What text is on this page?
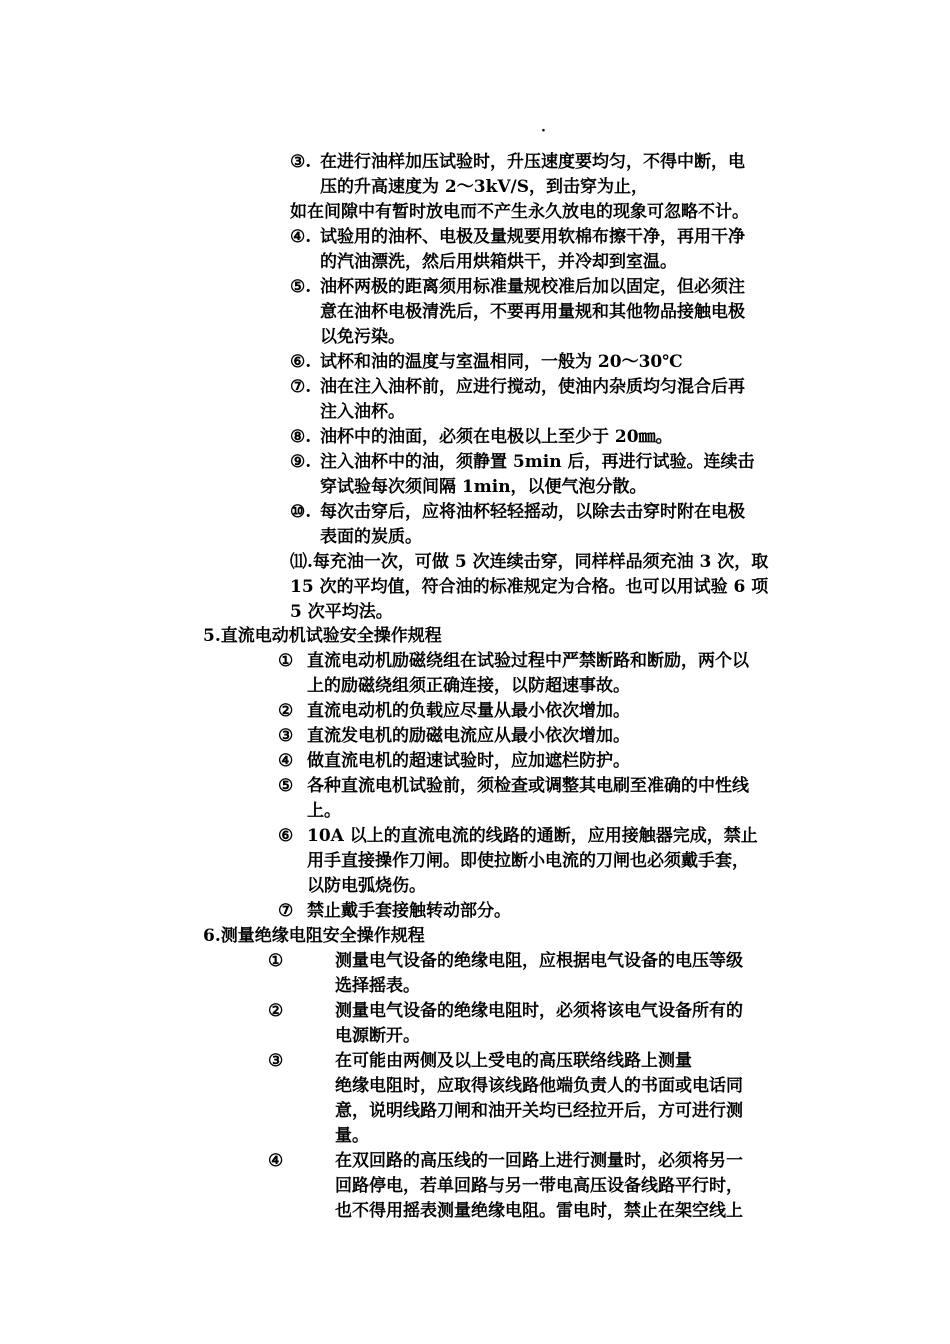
·
③. 在进行油样加压试验时，升压速度要均匀，不得中断，电
压的升高速度为 2～3kV/S，到击穿为止，
如在间隙中有暂时放电而不产生永久放电的现象可忽略不计。
④. 试验用的油杯、电极及量规要用软棉布擦干净，再用干净
的汽油漂洗，然后用烘箱烘干，并冷却到室温。
⑤. 油杯两极的距离须用标准量规校准后加以固定，但必须注
意在油杯电极清洗后，不要再用量规和其他物品接触电极
以免污染。
⑥. 试杯和油的温度与室温相同，一般为 20～30℃
⑦. 油在注入油杯前，应进行搅动，使油内杂质均匀混合后再
注入油杯。
⑧. 油杯中的油面，必须在电极以上至少于 20㎜。
⑨. 注入油杯中的油，须静置 5min 后，再进行试验。连续击
穿试验每次须间隔 1min，以便气泡分散。
⑩. 每次击穿后，应将油杯轻轻摇动，以除去击穿时附在电极
表面的炭质。
⑾.每充油一次，可做 5 次连续击穿，同样样品须充油 3 次，取
15 次的平均值，符合油的标准规定为合格。也可以用试验 6 项
5 次平均法。
5.直流电动机试验安全操作规程
① 直流电动机励磁绕组在试验过程中严禁断路和断励，两个以
上的励磁绕组须正确连接，以防超速事故。
② 直流电动机的负载应尽量从最小依次增加。
③ 直流发电机的励磁电流应从最小依次增加。
④ 做直流电机的超速试验时，应加遮栏防护。
⑤ 各种直流电机试验前，须检查或调整其电刷至准确的中性线
上。
⑥ 10A 以上的直流电流的线路的通断，应用接触器完成，禁止
用手直接操作刀闸。即使拉断小电流的刀闸也必须戴手套，
以防电弧烧伤。
⑦ 禁止戴手套接触转动部分。
6.测量绝缘电阻安全操作规程
①	测量电气设备的绝缘电阻，应根据电气设备的电压等级
选择摇表。
②	测量电气设备的绝缘电阻时，必须将该电气设备所有的
电源断开。
③	在可能由两侧及以上受电的高压联络线路上测量
绝缘电阻时，应取得该线路他端负责人的书面或电话同
意，说明线路刀闸和油开关均已经拉开后，方可进行测
量。
④	在双回路的高压线的一回路上进行测量时，必须将另一
回路停电，若单回路与另一带电高压设备线路平行时，
也不得用摇表测量绝缘电阻。雷电时，禁止在架空线上
